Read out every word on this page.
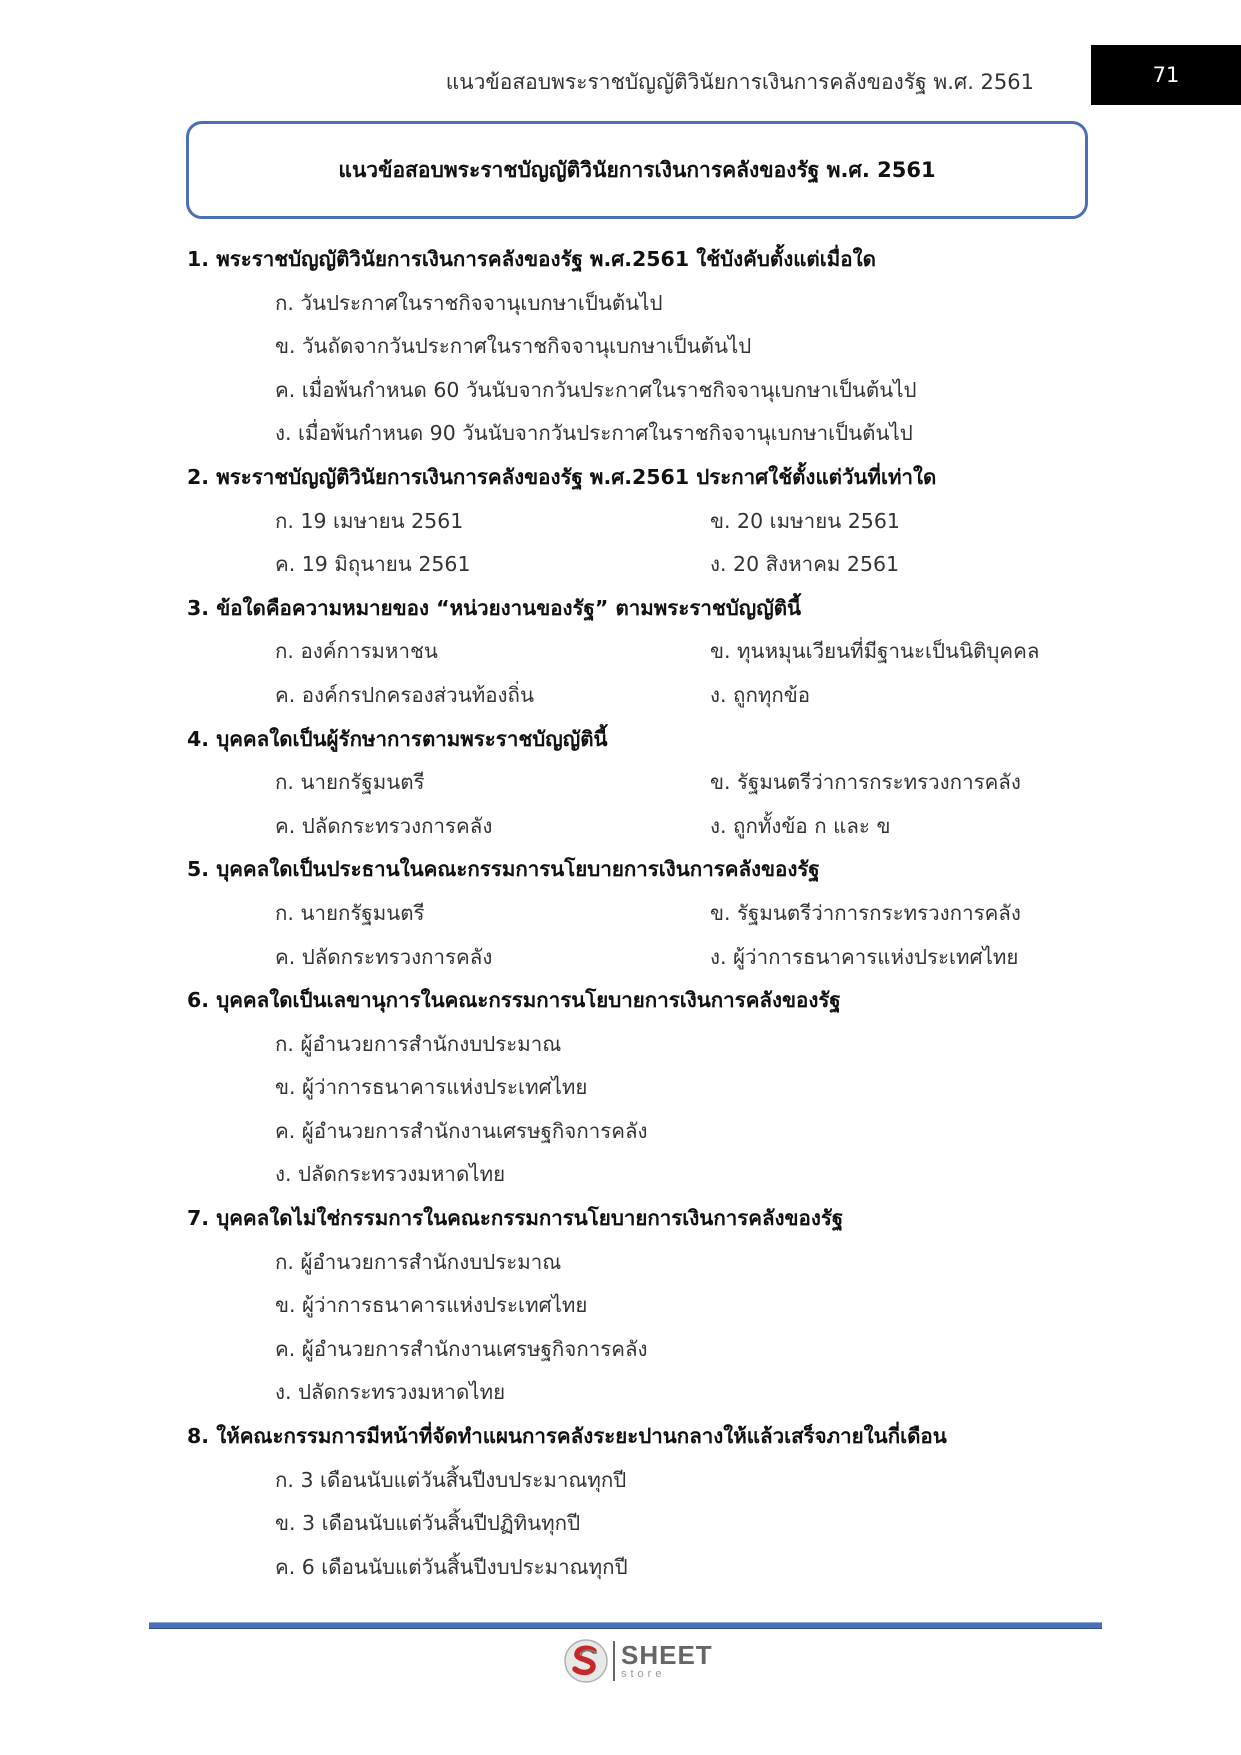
แนวข้อสอบพระราชบัญญัติวินัยการเงินการคลังของรัฐ พ.ศ. 2561	71
แนวข้อสอบพระราชบัญญัติวินัยการเงินการคลังของรัฐ พ.ศ. 2561
1. พระราชบัญญัติวินัยการเงินการคลังของรัฐ พ.ศ.2561 ใช้บังคับตั้งแต่เมื่อใด
ก. วันประกาศในราชกิจจานุเบกษาเป็นต้นไป
ข. วันถัดจากวันประกาศในราชกิจจานุเบกษาเป็นต้นไป
ค. เมื่อพ้นกำหนด 60 วันนับจากวันประกาศในราชกิจจานุเบกษาเป็นต้นไป
ง. เมื่อพ้นกำหนด 90 วันนับจากวันประกาศในราชกิจจานุเบกษาเป็นต้นไป
2. พระราชบัญญัติวินัยการเงินการคลังของรัฐ พ.ศ.2561 ประกาศใช้ตั้งแต่วันที่เท่าใด
ก. 19 เมษายน 2561	ข. 20 เมษายน 2561
ค. 19 มิถุนายน 2561	ง. 20 สิงหาคม 2561
3. ข้อใดคือความหมายของ “หน่วยงานของรัฐ” ตามพระราชบัญญัตินี้
ก. องค์การมหาชน	ข. ทุนหมุนเวียนที่มีฐานะเป็นนิติบุคคล
ค. องค์กรปกครองส่วนท้องถิ่น	ง. ถูกทุกข้อ
4. บุคคลใดเป็นผู้รักษาการตามพระราชบัญญัตินี้
ก. นายกรัฐมนตรี	ข. รัฐมนตรีว่าการกระทรวงการคลัง
ค. ปลัดกระทรวงการคลัง	ง. ถูกทั้งข้อ ก และ ข
5. บุคคลใดเป็นประธานในคณะกรรมการนโยบายการเงินการคลังของรัฐ
ก. นายกรัฐมนตรี	ข. รัฐมนตรีว่าการกระทรวงการคลัง
ค. ปลัดกระทรวงการคลัง	ง. ผู้ว่าการธนาคารแห่งประเทศไทย
6. บุคคลใดเป็นเลขานุการในคณะกรรมการนโยบายการเงินการคลังของรัฐ
ก. ผู้อำนวยการสำนักงบประมาณ
ข. ผู้ว่าการธนาคารแห่งประเทศไทย
ค. ผู้อำนวยการสำนักงานเศรษฐกิจการคลัง
ง. ปลัดกระทรวงมหาดไทย
7. บุคคลใดไม่ใช่กรรมการในคณะกรรมการนโยบายการเงินการคลังของรัฐ
ก. ผู้อำนวยการสำนักงบประมาณ
ข. ผู้ว่าการธนาคารแห่งประเทศไทย
ค. ผู้อำนวยการสำนักงานเศรษฐกิจการคลัง
ง. ปลัดกระทรวงมหาดไทย
8. ให้คณะกรรมการมีหน้าที่จัดทำแผนการคลังระยะปานกลางให้แล้วเสร็จภายในกี่เดือน
ก. 3 เดือนนับแต่วันสิ้นปีงบประมาณทุกปี
ข. 3 เดือนนับแต่วันสิ้นปีปฏิทินทุกปี
ค. 6 เดือนนับแต่วันสิ้นปีงบประมาณทุกปี
SHEET
store
